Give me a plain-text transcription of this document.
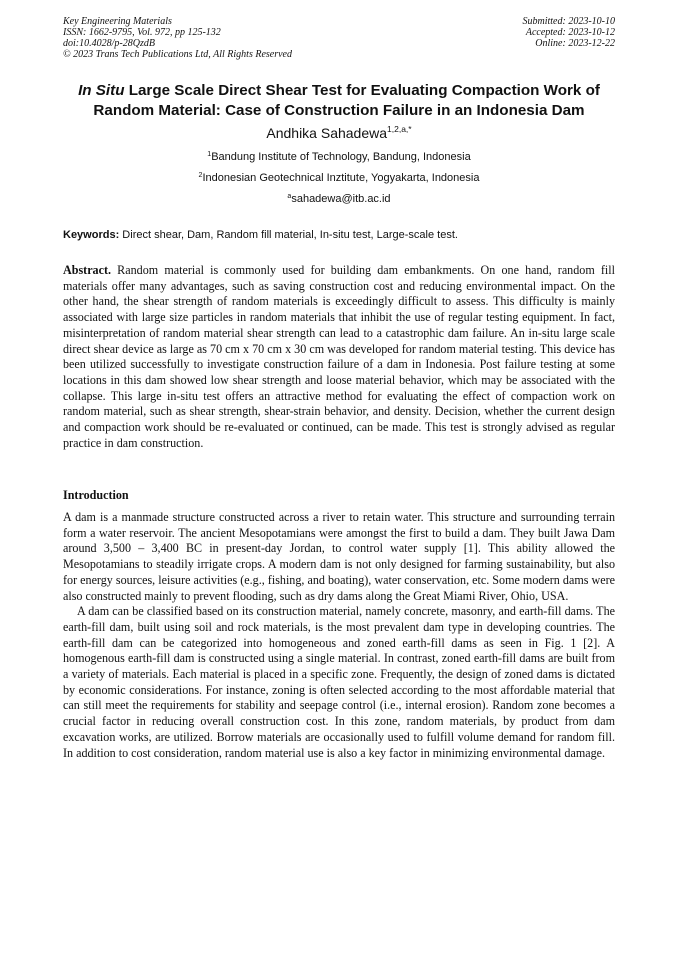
Key Engineering Materials
ISSN: 1662-9795, Vol. 972, pp 125-132
doi:10.4028/p-28QzdB
© 2023 Trans Tech Publications Ltd, All Rights Reserved
Submitted: 2023-10-10
Accepted: 2023-10-12
Online: 2023-12-22
In Situ Large Scale Direct Shear Test for Evaluating Compaction Work of Random Material: Case of Construction Failure in an Indonesia Dam
Andhika Sahadewa$^{1,2,a,*}$
$^1$Bandung Institute of Technology, Bandung, Indonesia
$^2$Indonesian Geotechnical Inztitute, Yogyakarta, Indonesia
$^a$sahadewa@itb.ac.id
Keywords: Direct shear, Dam, Random fill material, In-situ test, Large-scale test.
Abstract. Random material is commonly used for building dam embankments. On one hand, random fill materials offer many advantages, such as saving construction cost and reducing environmental impact. On the other hand, the shear strength of random materials is exceedingly difficult to assess. This difficulty is mainly associated with large size particles in random materials that inhibit the use of regular testing equipment. In fact, misinterpretation of random material shear strength can lead to a catastrophic dam failure. An in-situ large scale direct shear device as large as 70 cm x 70 cm x 30 cm was developed for random material testing. This device has been utilized successfully to investigate construction failure of a dam in Indonesia. Post failure testing at some locations in this dam showed low shear strength and loose material behavior, which may be associated with the collapse. This large in-situ test offers an attractive method for evaluating the effect of compaction work on random material, such as shear strength, shear-strain behavior, and density. Decision, whether the current design and compaction work should be re-evaluated or continued, can be made. This test is strongly advised as regular practice in dam construction.
Introduction

A dam is a manmade structure constructed across a river to retain water. This structure and surrounding terrain form a water reservoir. The ancient Mesopotamians were amongst the first to build a dam. They built Jawa Dam around 3,500 – 3,400 BC in present-day Jordan, to control water supply [1]. This ability allowed the Mesopotamians to steadily irrigate crops. A modern dam is not only designed for farming sustainability, but also for energy sources, leisure activities (e.g., fishing, and boating), water conservation, etc. Some modern dams were also constructed mainly to prevent flooding, such as dry dams along the Great Miami River, Ohio, USA.

A dam can be classified based on its construction material, namely concrete, masonry, and earth-fill dams. The earth-fill dam, built using soil and rock materials, is the most prevalent dam type in developing countries. The earth-fill dam can be categorized into homogeneous and zoned earth-fill dams as seen in Fig. 1 [2]. A homogenous earth-fill dam is constructed using a single material. In contrast, zoned earth-fill dams are built from a variety of materials. Each material is placed in a specific zone. Frequently, the design of zoned dams is dictated by economic considerations. For instance, zoning is often selected according to the most affordable material that can still meet the requirements for stability and seepage control (i.e., internal erosion). Random zone becomes a crucial factor in reducing overall construction cost. In this zone, random materials, by product from dam excavation works, are utilized. Borrow materials are occasionally used to fulfill volume demand for random fill. In addition to cost consideration, random material use is also a key factor in minimizing environmental damage.
